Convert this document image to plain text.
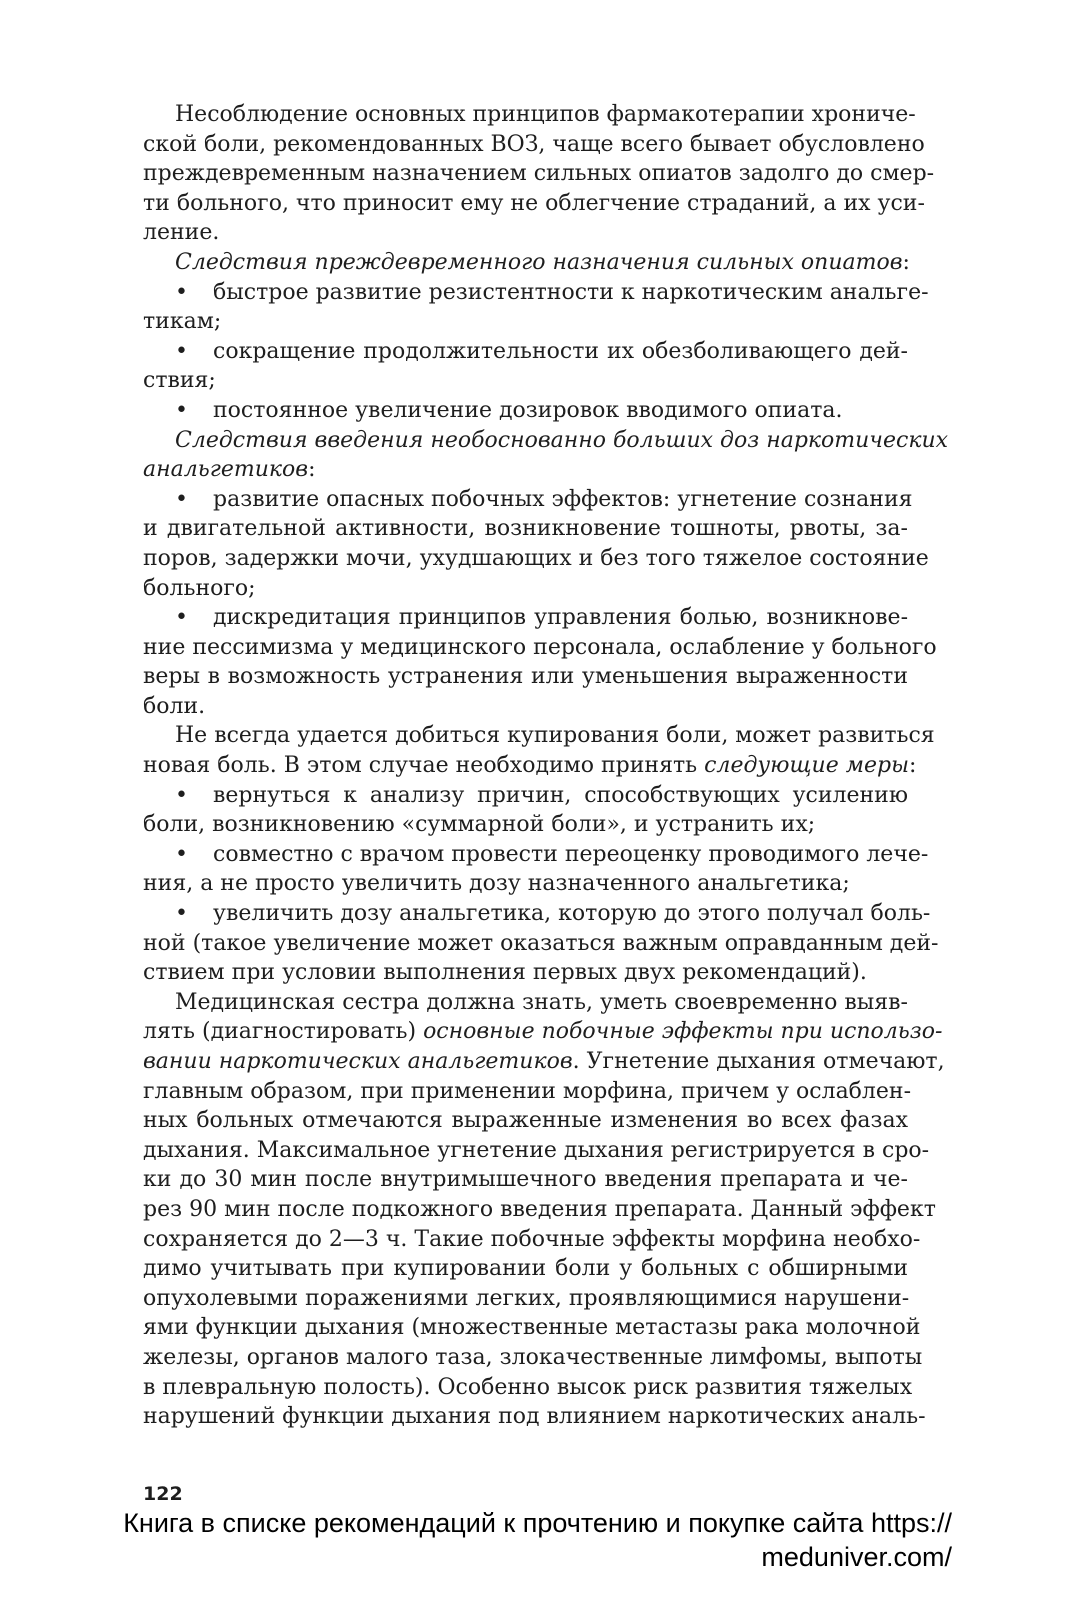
Несоблюдение основных принципов фармакотерапии хрониче-
ской боли, рекомендованных ВОЗ, чаще всего бывает обусловлено
преждевременным назначением сильных опиатов задолго до смер-
ти больного, что приносит ему не облегчение страданий, а их уси-
ление.
Следствия преждевременного назначения сильных опиатов:
• быстрое развитие резистентности к наркотическим анальге-
тикам;
• сокращение продолжительности их обезболивающего дей-
ствия;
• постоянное увеличение дозировок вводимого опиата.
Следствия введения необоснованно больших доз наркотических
анальгетиков:
• развитие опасных побочных эффектов: угнетение сознания
и двигательной активности, возникновение тошноты, рвоты, за-
поров, задержки мочи, ухудшающих и без того тяжелое состояние
больного;
• дискредитация принципов управления болью, возникнове-
ние пессимизма у медицинского персонала, ослабление у больного
веры в возможность устранения или уменьшения выраженности
боли.
Не всегда удается добиться купирования боли, может развиться
новая боль. В этом случае необходимо принять следующие меры:
• вернуться к анализу причин, способствующих усилению
боли, возникновению «суммарной боли», и устранить их;
• совместно с врачом провести переоценку проводимого лече-
ния, а не просто увеличить дозу назначенного анальгетика;
• увеличить дозу анальгетика, которую до этого получал боль-
ной (такое увеличение может оказаться важным оправданным дей-
ствием при условии выполнения первых двух рекомендаций).
Медицинская сестра должна знать, уметь своевременно выяв-
лять (диагностировать) основные побочные эффекты при использо-
вании наркотических анальгетиков. Угнетение дыхания отмечают,
главным образом, при применении морфина, причем у ослаблен-
ных больных отмечаются выраженные изменения во всех фазах
дыхания. Максимальное угнетение дыхания регистрируется в сро-
ки до 30 мин после внутримышечного введения препарата и че-
рез 90 мин после подкожного введения препарата. Данный эффект
сохраняется до 2—3 ч. Такие побочные эффекты морфина необхо-
димо учитывать при купировании боли у больных с обширными
опухолевыми поражениями легких, проявляющимися нарушени-
ями функции дыхания (множественные метастазы рака молочной
железы, органов малого таза, злокачественные лимфомы, выпоты
в плевральную полость). Особенно высок риск развития тяжелых
нарушений функции дыхания под влиянием наркотических аналь-
122
Книга в списке рекомендаций к прочтению и покупке сайта https://
meduniver.com/
